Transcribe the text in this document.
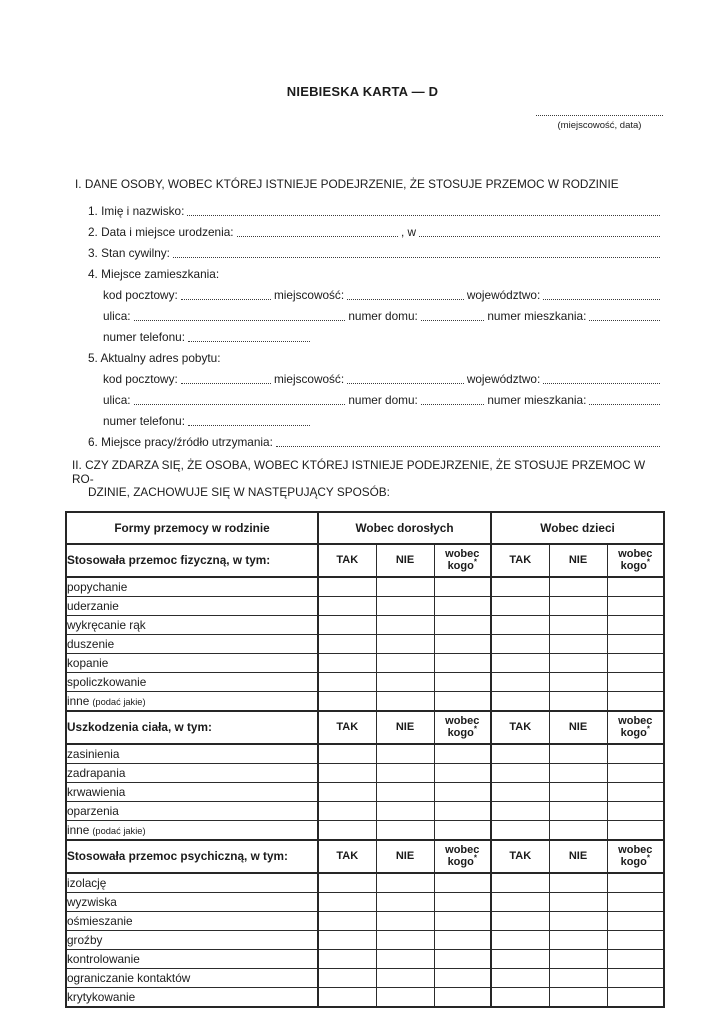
NIEBIESKA KARTA — D
(miejscowość, data)
I. DANE OSOBY, WOBEC KTÓREJ ISTNIEJE PODEJRZENIE, ŻE STOSUJE PRZEMOC W RODZINIE
1. Imię i nazwisko:
2. Data i miejsce urodzenia:	, w
3. Stan cywilny:
4. Miejsce zamieszkania:
kod pocztowy:	miejscowość:	województwo:
ulica:	numer domu:	numer mieszkania:
numer telefonu:
5. Aktualny adres pobytu:
kod pocztowy:	miejscowość:	województwo:
ulica:	numer domu:	numer mieszkania:
numer telefonu:
6. Miejsce pracy/źródło utrzymania:
II. CZY ZDARZA SIĘ, ŻE OSOBA, WOBEC KTÓREJ ISTNIEJE PODEJRZENIE, ŻE STOSUJE PRZEMOC W RO-
DZINIE, ZACHOWUJE SIĘ W NASTĘPUJĄCY SPOSÓB:
Formy przemocy w rodzinie	Wobec dorosłych			Wobec dzieci		
Stosowała przemoc fizyczną, w tym:	TAK	NIE	wobec kogo*	TAK	NIE	wobec kogo*
popychanie						
uderzanie						
wykręcanie rąk						
duszenie						
kopanie						
spoliczkowanie						
inne (podać jakie)						
Uszkodzenia ciała, w tym:	TAK	NIE	wobec kogo*	TAK	NIE	wobec kogo*
zasinienia						
zadrapania						
krwawienia						
oparzenia						
inne (podać jakie)						
Stosowała przemoc psychiczną, w tym:	TAK	NIE	wobec kogo*	TAK	NIE	wobec kogo*
izolację						
wyzwiska						
ośmieszanie						
groźby						
kontrolowanie						
ograniczanie kontaktów						
krytykowanie						
